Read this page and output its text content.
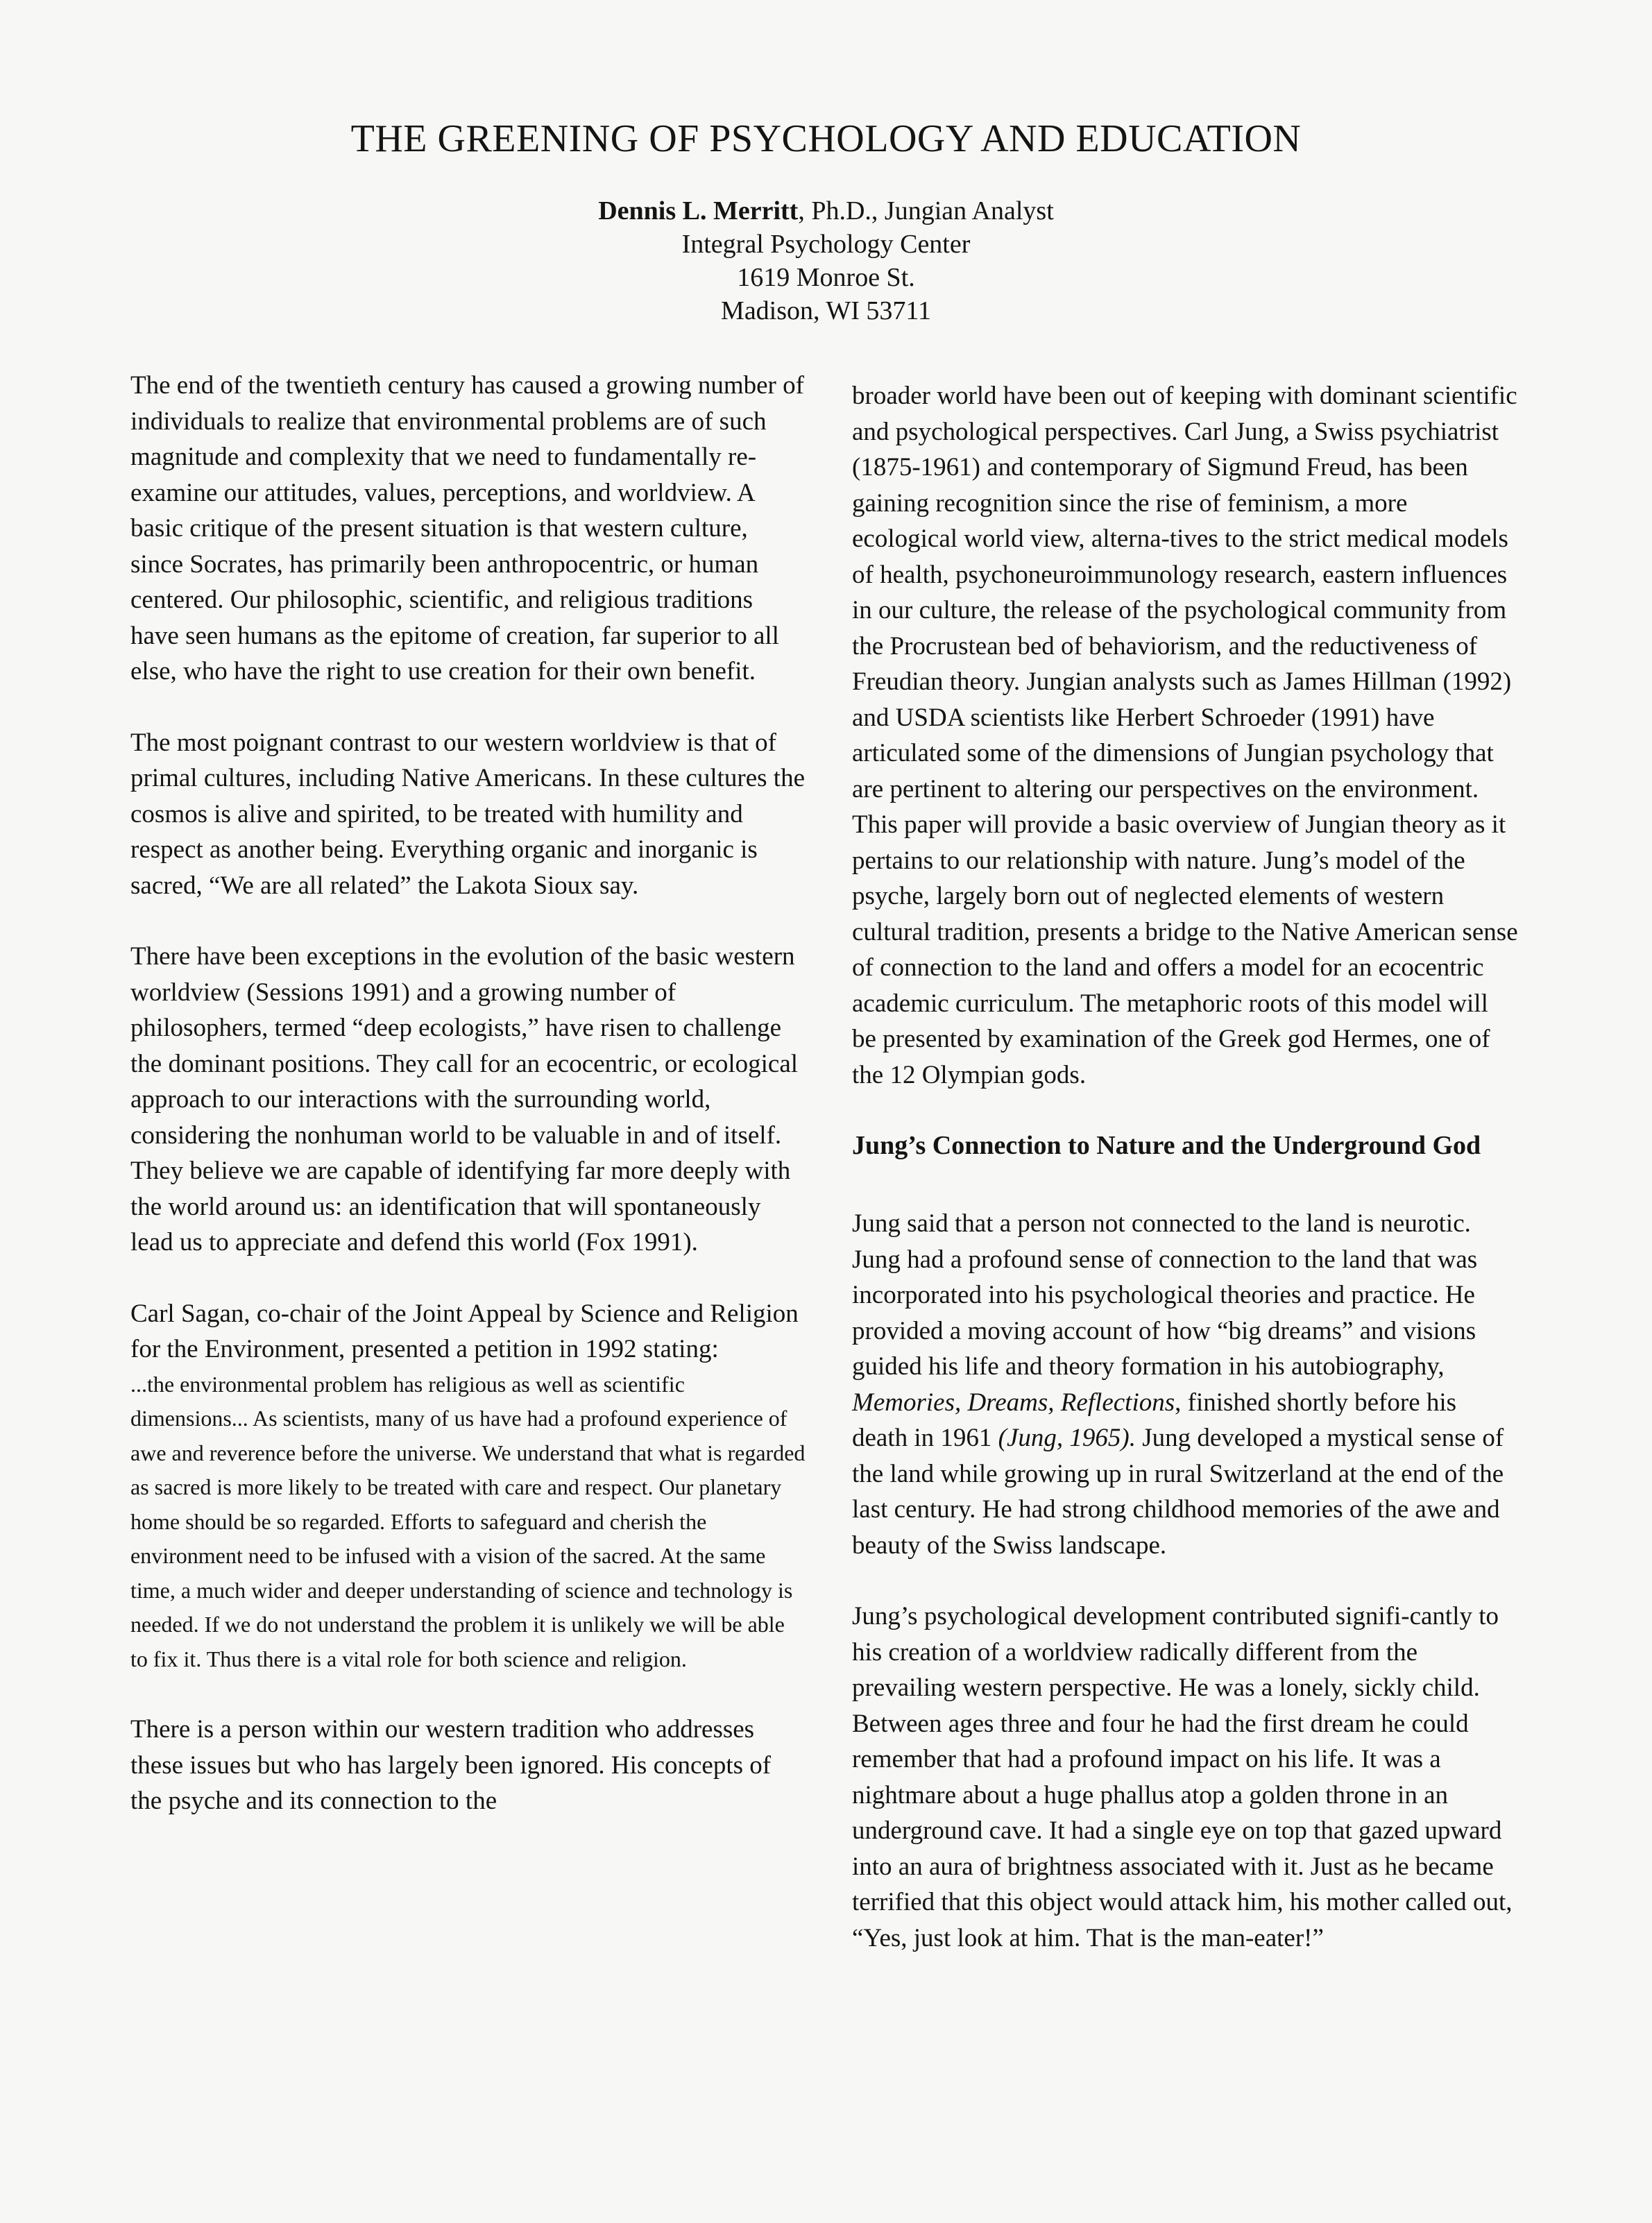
THE GREENING OF PSYCHOLOGY AND EDUCATION
Dennis L. Merritt, Ph.D., Jungian Analyst
Integral Psychology Center
1619 Monroe St.
Madison, WI 53711

The end of the twentieth century has caused a growing number of individuals to realize that environmental problems are of such magnitude and complexity that we need to fundamentally re-examine our attitudes, values, perceptions, and worldview. A basic critique of the present situation is that western culture, since Socrates, has primarily been anthropocentric, or human centered. Our philosophic, scientific, and religious traditions have seen humans as the epitome of creation, far superior to all else, who have the right to use creation for their own benefit.

The most poignant contrast to our western worldview is that of primal cultures, including Native Americans. In these cultures the cosmos is alive and spirited, to be treated with humility and respect as another being. Everything organic and inorganic is sacred, “We are all related” the Lakota Sioux say.

There have been exceptions in the evolution of the basic western worldview (Sessions 1991) and a growing number of philosophers, termed “deep ecologists,” have risen to challenge the dominant positions. They call for an ecocentric, or ecological approach to our interactions with the surrounding world, considering the nonhuman world to be valuable in and of itself. They believe we are capable of identifying far more deeply with the world around us: an identification that will spontaneously lead us to appreciate and defend this world (Fox 1991).

Carl Sagan, co-chair of the Joint Appeal by Science and Religion for the Environment, presented a petition in 1992 stating:

...the environmental problem has religious as well as scientific dimensions... As scientists, many of us have had a profound experience of awe and reverence before the universe. We understand that what is regarded as sacred is more likely to be treated with care and respect. Our planetary home should be so regarded. Efforts to safeguard and cherish the environment need to be infused with a vision of the sacred. At the same time, a much wider and deeper understanding of science and technology is needed. If we do not understand the problem it is unlikely we will be able to fix it. Thus there is a vital role for both science and religion.

There is a person within our western tradition who addresses these issues but who has largely been ignored. His concepts of the psyche and its connection to the

broader world have been out of keeping with dominant scientific and psychological perspectives. Carl Jung, a Swiss psychiatrist (1875-1961) and contemporary of Sigmund Freud, has been gaining recognition since the rise of feminism, a more ecological world view, alterna-tives to the strict medical models of health, psychoneuroimmunology research, eastern influences in our culture, the release of the psychological community from the Procrustean bed of behaviorism, and the reductiveness of Freudian theory. Jungian analysts such as James Hillman (1992) and USDA scientists like Herbert Schroeder (1991) have articulated some of the dimensions of Jungian psychology that are pertinent to altering our perspectives on the environment. This paper will provide a basic overview of Jungian theory as it pertains to our relationship with nature. Jung’s model of the psyche, largely born out of neglected elements of western cultural tradition, presents a bridge to the Native American sense of connection to the land and offers a model for an ecocentric academic curriculum. The metaphoric roots of this model will be presented by examination of the Greek god Hermes, one of the 12 Olympian gods.

Jung’s Connection to Nature and the Underground God

Jung said that a person not connected to the land is neurotic. Jung had a profound sense of connection to the land that was incorporated into his psychological theories and practice. He provided a moving account of how “big dreams” and visions guided his life and theory formation in his autobiography, Memories, Dreams, Reflections, finished shortly before his death in 1961 (Jung, 1965). Jung developed a mystical sense of the land while growing up in rural Switzerland at the end of the last century. He had strong childhood memories of the awe and beauty of the Swiss landscape.

Jung’s psychological development contributed signifi-cantly to his creation of a worldview radically different from the prevailing western perspective. He was a lonely, sickly child. Between ages three and four he had the first dream he could remember that had a profound impact on his life. It was a nightmare about a huge phallus atop a golden throne in an underground cave. It had a single eye on top that gazed upward into an aura of brightness associated with it. Just as he became terrified that this object would attack him, his mother called out, “Yes, just look at him. That is the man-eater!”
